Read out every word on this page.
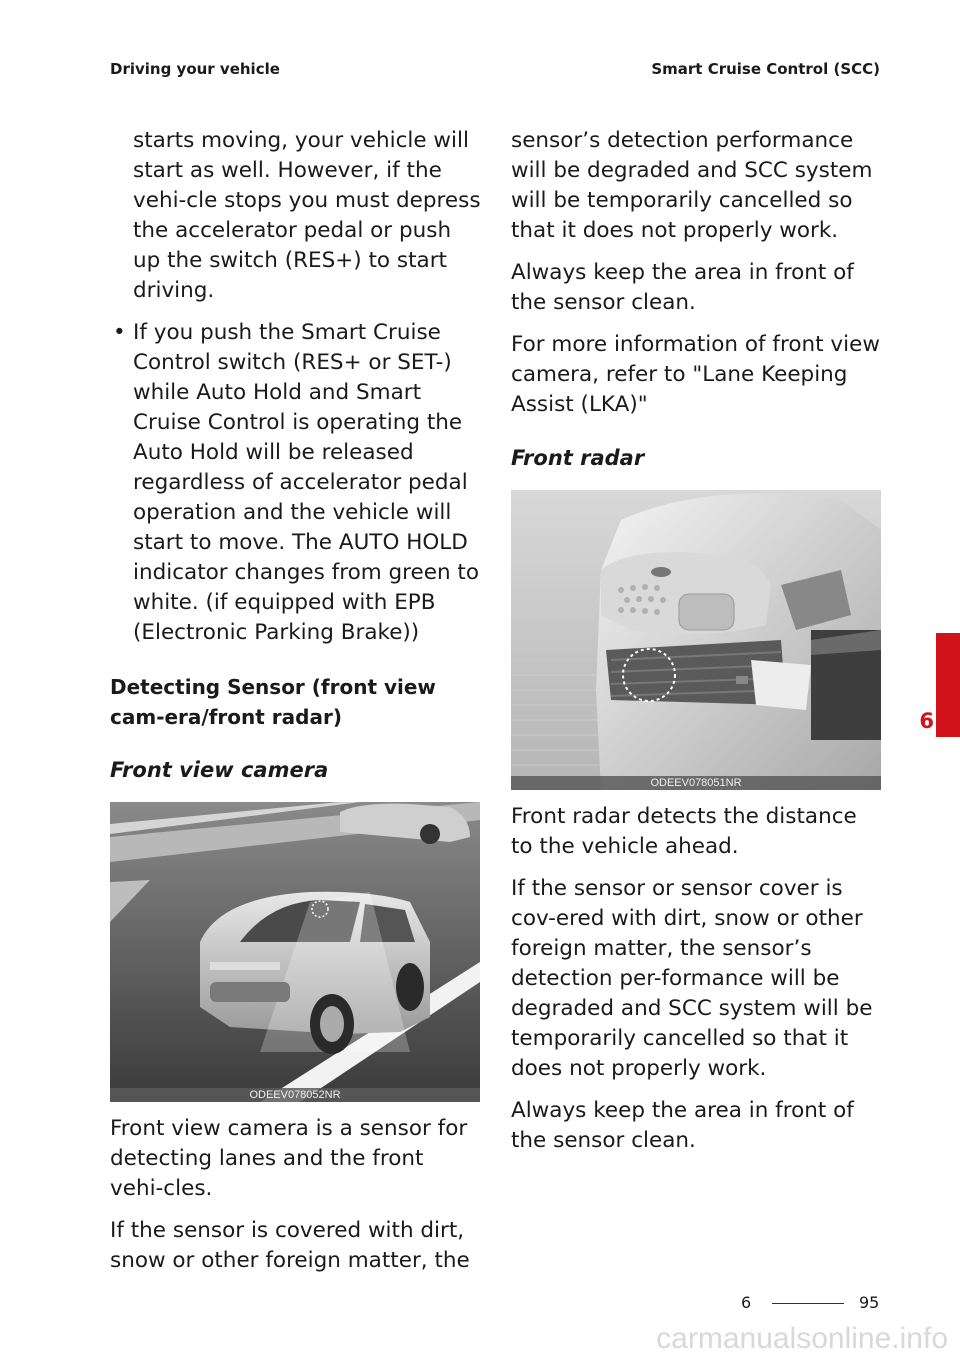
Driving your vehicle	Smart Cruise Control (SCC)

starts moving, your vehicle will start as well. However, if the vehi-cle stops you must depress the accelerator pedal or push up the switch (RES+) to start driving.

• If you push the Smart Cruise Control switch (RES+ or SET-) while Auto Hold and Smart Cruise Control is operating the Auto Hold will be released regardless of accelerator pedal operation and the vehicle will start to move. The AUTO HOLD indicator changes from green to white. (if equipped with EPB (Electronic Parking Brake))
Detecting Sensor (front view cam-era/front radar)
Front view camera
ODEEV078052NR

Front view camera is a sensor for detecting lanes and the front vehi-cles.

If the sensor is covered with dirt, snow or other foreign matter, the

sensor’s detection performance will be degraded and SCC system will be temporarily cancelled so that it does not properly work.

Always keep the area in front of the sensor clean.

For more information of front view camera, refer to "Lane Keeping Assist (LKA)"

Front radar
ODEEV078051NR

Front radar detects the distance to the vehicle ahead.

If the sensor or sensor cover is cov-ered with dirt, snow or other foreign matter, the sensor’s detection per-formance will be degraded and SCC system will be temporarily cancelled so that it does not properly work.

Always keep the area in front of the sensor clean.

6
6	95
carmanualsonline.info
